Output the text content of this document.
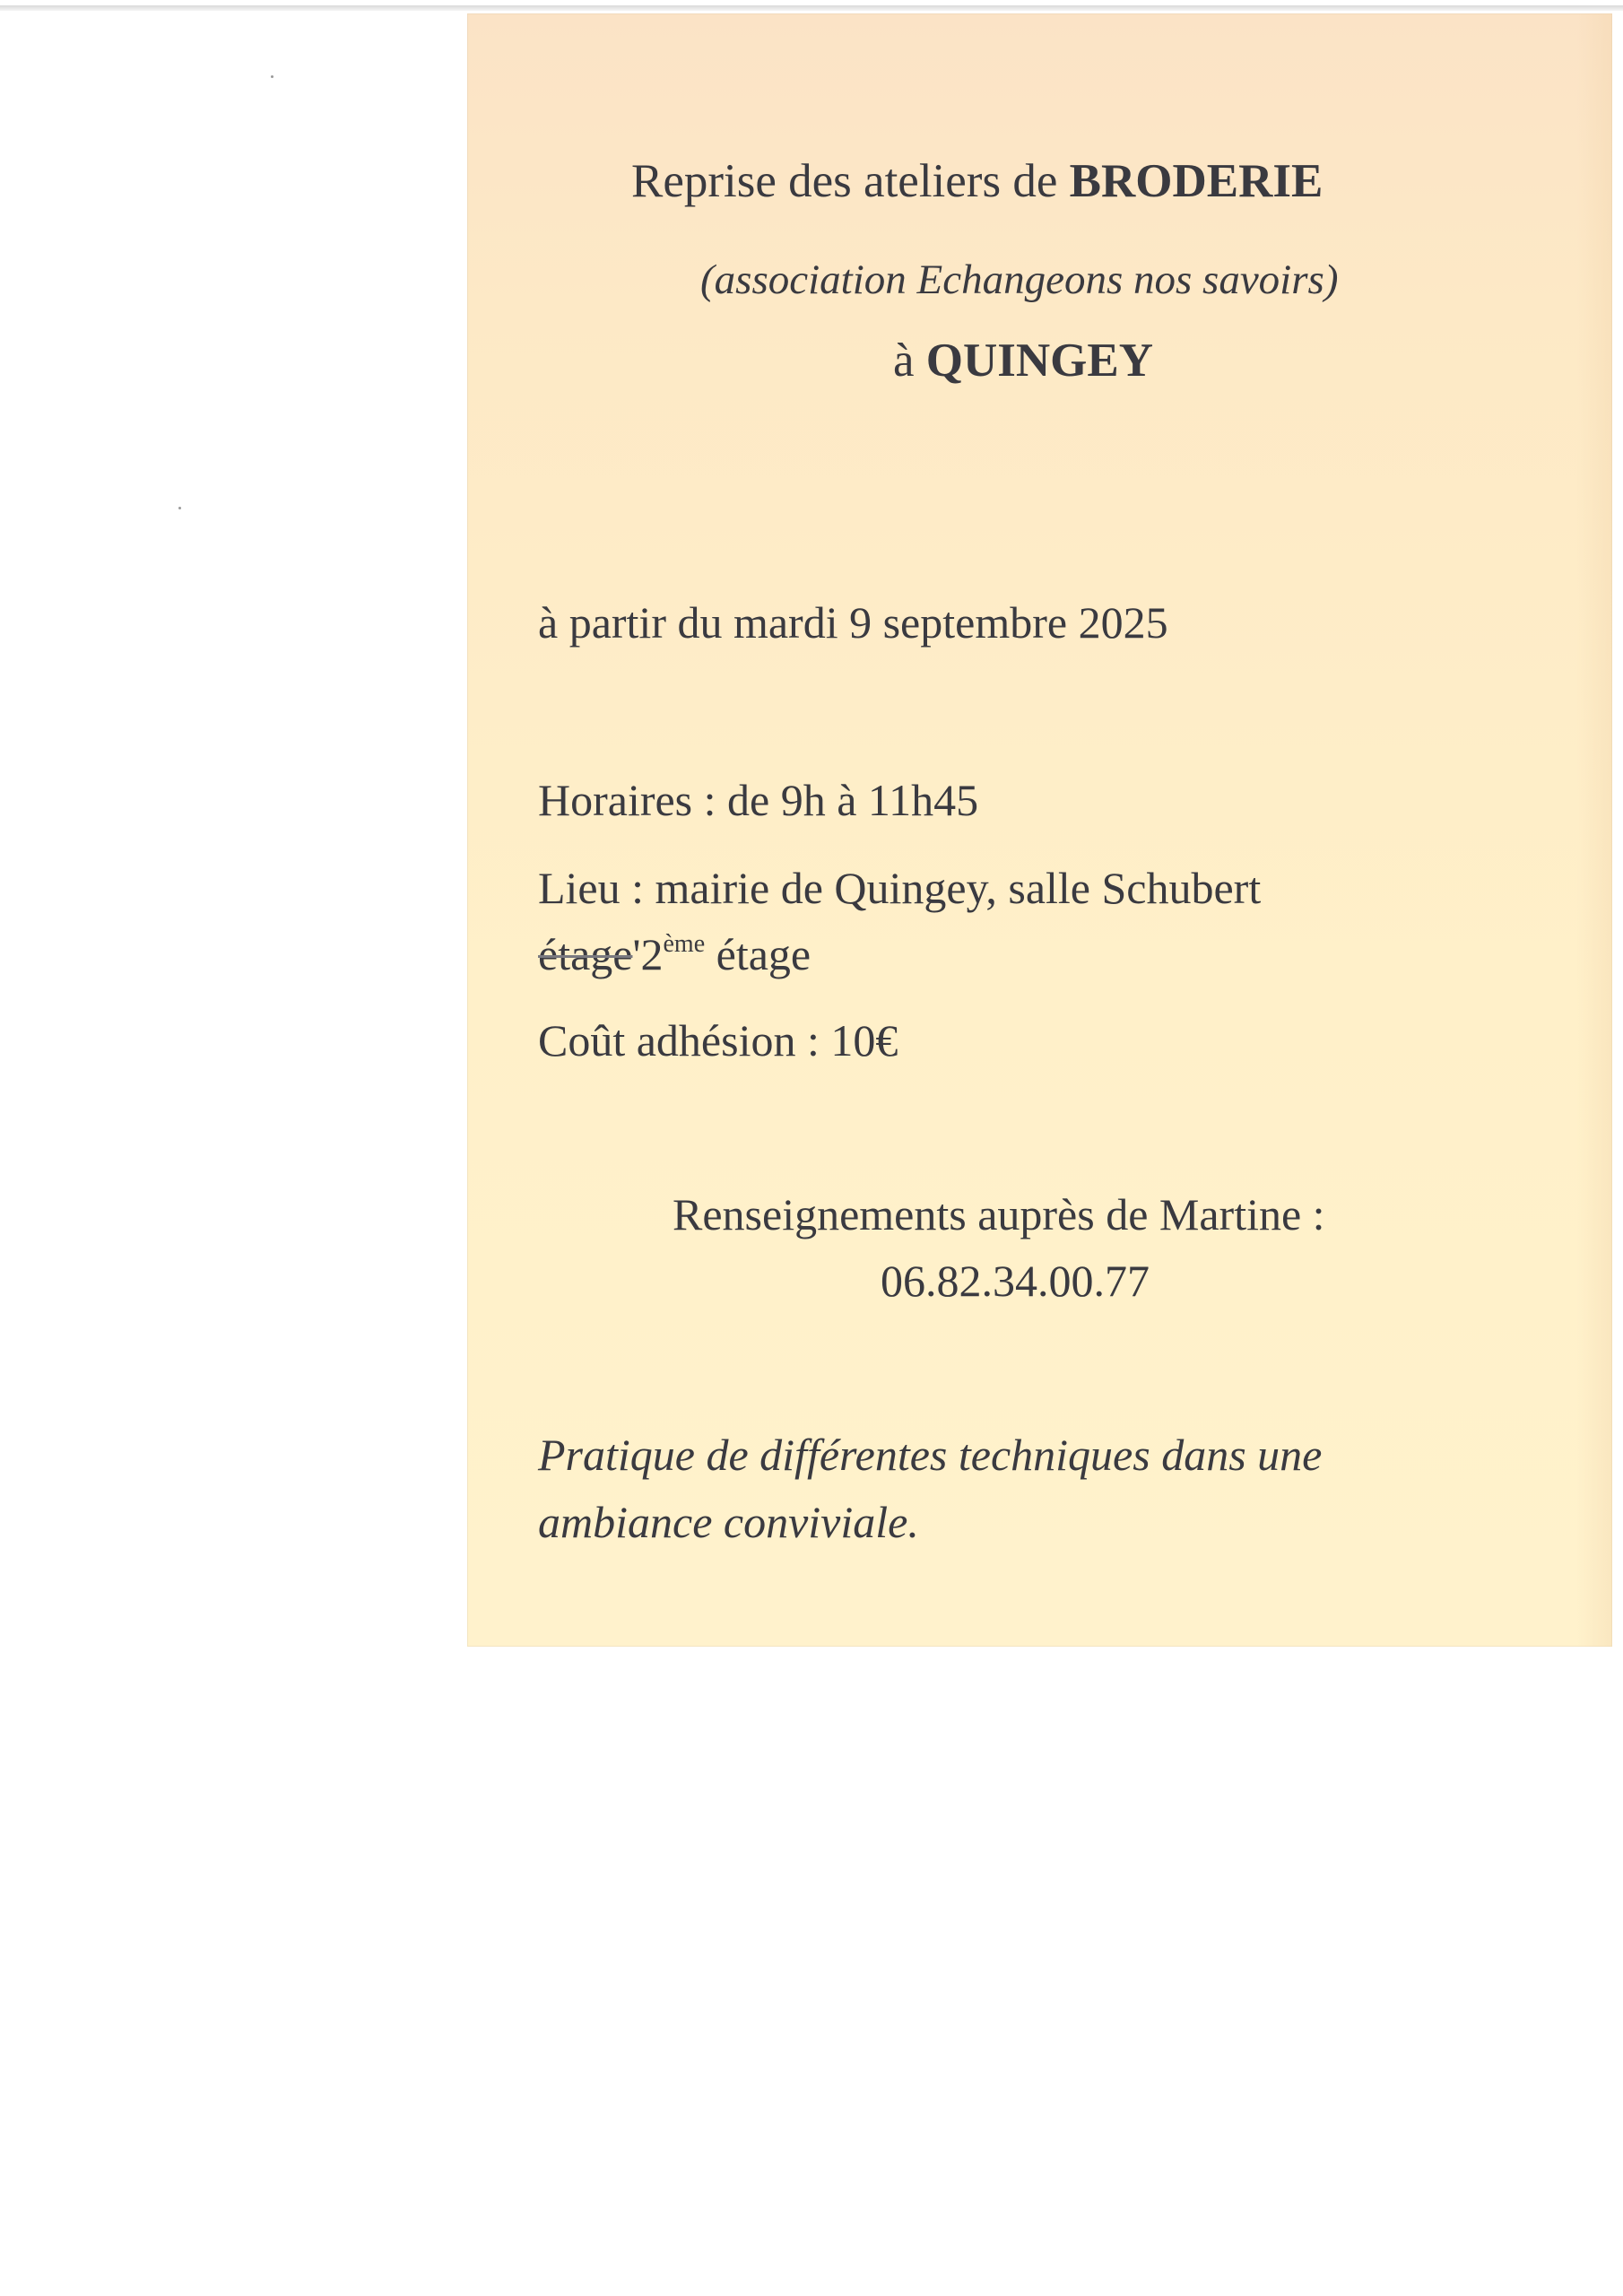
Reprise des ateliers de BRODERIE
(association Echangeons nos savoirs)
à QUINGEY
à partir du mardi 9 septembre 2025
Horaires : de 9h à 11h45
Lieu : mairie de Quingey, salle Schubert
étage'2ème étage
Coût adhésion : 10€
Renseignements auprès de Martine :
06.82.34.00.77
Pratique de différentes techniques dans une
ambiance conviviale.
